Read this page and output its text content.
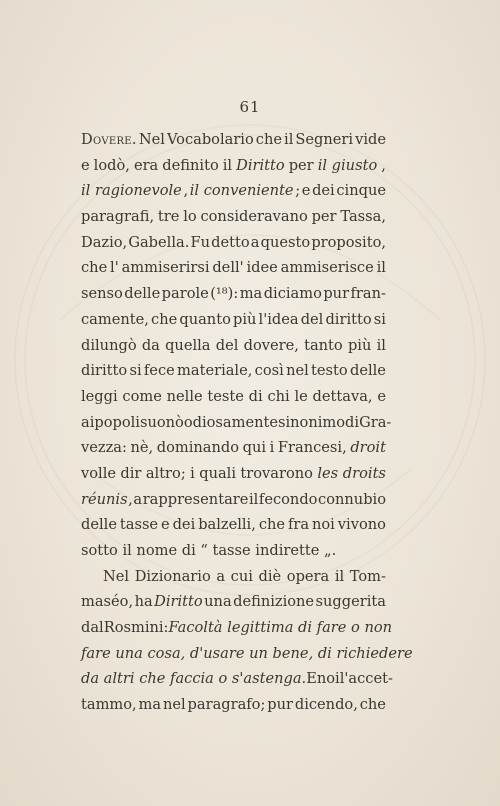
61
Dovere. Nel Vocabolario che il Segneri vide
e lodò, era definito il Diritto per il giusto ,
il ragionevole , il conveniente ; e dei cinque
paragrafi, tre lo consideravano per Tassa,
Dazio, Gabella. Fu detto a questo proposito,
che l' ammiserirsi dell' idee ammiserisce il
senso delle parole (¹⁸): ma diciamo pur fran-
camente, che quanto più l'idea del diritto si
dilungò da quella del dovere, tanto più il
diritto si fece materiale, così nel testo delle
leggi come nelle teste di chi le dettava, e
ai popoli suonò odiosamente sinonimo di Gra-
vezza: nè, dominando qui i Francesi, droit
volle dir altro; i quali trovarono les droits
réunis , a rappresentare il fecondo connubio
delle tasse e dei balzelli, che fra noi vivono
sotto
il
nome
di
“ tasse indirette „.
Nel Dizionario a cui diè opera il Tom-
maséo, ha Diritto una definizione suggerita
dal Rosmini: Facoltà legittima di fare o non
fare una cosa, d'usare un bene, di richiedere
da altri che faccia o s'astenga. E noi l'accet-
tammo, ma nel paragrafo; pur dicendo, che
